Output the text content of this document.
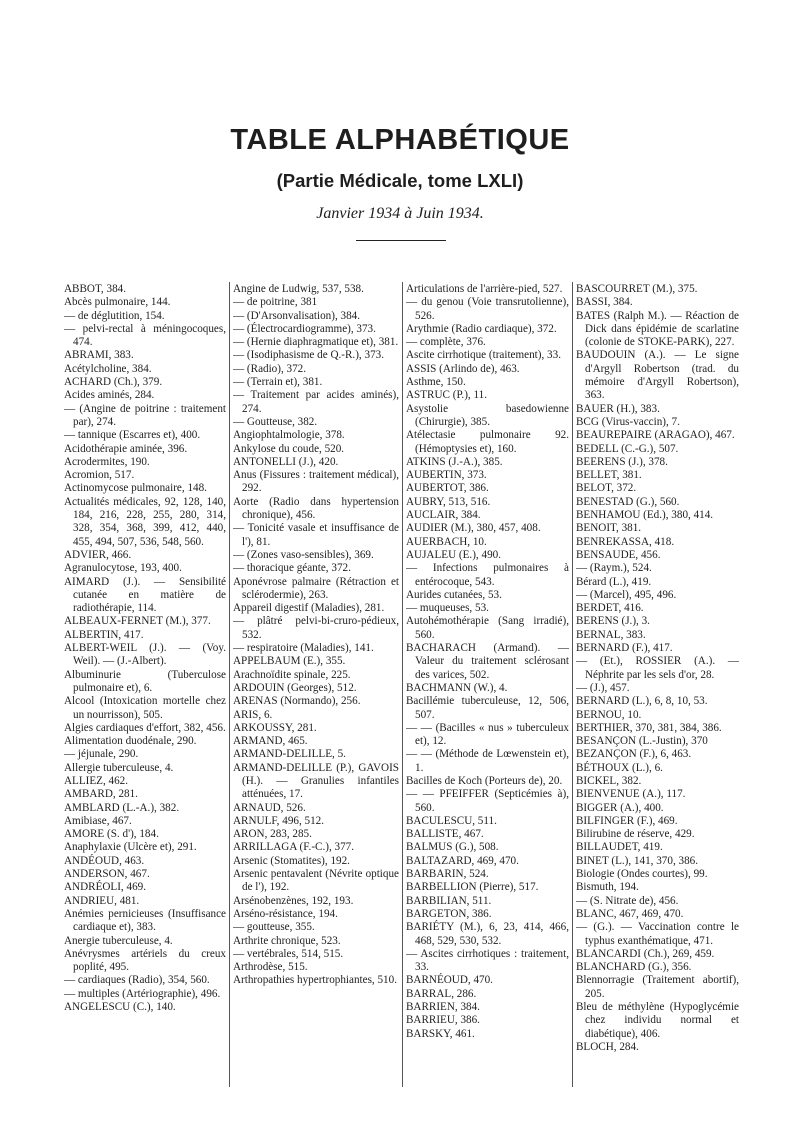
TABLE ALPHABÉTIQUE
(Partie Médicale, tome LXLI)

Janvier 1934 à Juin 1934.

ABBOT, 384.
Abcès pulmonaire, 144.
— de déglutition, 154.
— pelvi-rectal à méningocoques, 474.
ABRAMI, 383.
Acétylcholine, 384.
ACHARD (Ch.), 379.
Acides aminés, 284.
— (Angine de poitrine : traitement par), 274.
— tannique (Escarres et), 400.
Acidothérapie aminée, 396.
Acrodermites, 190.
Acromion, 517.
Actinomycose pulmonaire, 148.
Actualités médicales, 92, 128, 140, 184, 216, 228, 255, 280, 314, 328, 354, 368, 399, 412, 440, 455, 494, 507, 536, 548, 560.
ADVIER, 466.
Agranulocytose, 193, 400.
AIMARD (J.). — Sensibilité cutanée en matière de radiothérapie, 114.
ALBEAUX-FERNET (M.), 377.
ALBERTIN, 417.
ALBERT-WEIL (J.). — (Voy. Weil). — (J.-Albert).
Albuminurie (Tuberculose pulmonaire et), 6.
Alcool (Intoxication mortelle chez un nourrisson), 505.
Algies cardiaques d'effort, 382, 456.
Alimentation duodénale, 290.
— jéjunale, 290.
Allergie tuberculeuse, 4.
ALLIEZ, 462.
AMBARD, 281.
AMBLARD (L.-A.), 382.
Amibiase, 467.
AMORE (S. d'), 184.
Anaphylaxie (Ulcère et), 291.
ANDÉOUD, 463.
ANDERSON, 467.
ANDRÉOLI, 469.
ANDRIEU, 481.
Anémies pernicieuses (Insuffisance cardiaque et), 383.
Anergie tuberculeuse, 4.
Anévrysmes artériels du creux poplité, 495.
— cardiaques (Radio), 354, 560.
— multiples (Artériographie), 496.
ANGELESCU (C.), 140.
Angine de Ludwig, 537, 538.
— de poitrine, 381
— (D'Arsonvalisation), 384.
— (Électrocardiogramme), 373.
— (Hernie diaphragmatique et), 381.
— (Isodiphasisme de Q.-R.), 373.
— (Radio), 372.
— (Terrain et), 381.
— Traitement par acides aminés), 274.
— Goutteuse, 382.
Angiophtalmologie, 378.
Ankylose du coude, 520.
ANTONELLI (J.), 420.
Anus (Fissures : traitement médical), 292.
Aorte (Radio dans hypertension chronique), 456.
— Tonicité vasale et insuffisance de l'), 81.
— (Zones vaso-sensibles), 369.
— thoracique géante, 372.
Aponévrose palmaire (Rétraction et sclérodermie), 263.
Appareil digestif (Maladies), 281.
— plâtré pelvi-bi-cruro-pédieux, 532.
— respiratoire (Maladies), 141.
APPELBAUM (E.), 355.
Arachnoïdite spinale, 225.
ARDOUIN (Georges), 512.
ARENAS (Normando), 256.
ARIS, 6.
ARKOUSSY, 281.
ARMAND, 465.
ARMAND-DELILLE, 5.
ARMAND-DELILLE (P.), GAVOIS (H.). — Granulies infantiles atténuées, 17.
ARNAUD, 526.
ARNULF, 496, 512.
ARON, 283, 285.
ARRILLAGA (F.-C.), 377.
Arsenic (Stomatites), 192.
Arsenic pentavalent (Névrite optique de l'), 192.
Arsénobenzènes, 192, 193.
Arséno-résistance, 194.
— goutteuse, 355.
Arthrite chronique, 523.
— vertébrales, 514, 515.
Arthrodèse, 515.
Arthropathies hypertrophiantes, 510.
Articulations de l'arrière-pied, 527.
— du genou (Voie transrutolienne), 526.
Arythmie (Radio cardiaque), 372.
— complète, 376.
Ascite cirrhotique (traitement), 33.
ASSIS (Arlindo de), 463.
Asthme, 150.
ASTRUC (P.), 11.
Asystolie basedowienne (Chirurgie), 385.
Atélectasie pulmonaire 92. (Hémoptysies et), 160.
ATKINS (J.-A.), 385.
AUBERTIN, 373.
AUBERTOT, 386.
AUBRY, 513, 516.
AUCLAIR, 384.
AUDIER (M.), 380, 457, 408.
AUERBACH, 10.
AUJALEU (E.), 490.
— Infections pulmonaires à entérocoque, 543.
Aurides cutanées, 53.
— muqueuses, 53.
Autohémothérapie (Sang irradié), 560.
BACHARACH (Armand). — Valeur du traitement sclérosant des varices, 502.
BACHMANN (W.), 4.
Bacillémie tuberculeuse, 12, 506, 507.
— — (Bacilles « nus » tuberculeux et), 12.
— — (Méthode de Lœwenstein et), 1.
Bacilles de Koch (Porteurs de), 20.
— — PFEIFFER (Septicémies à), 560.
BACULESCU, 511.
BALLISTE, 467.
BALMUS (G.), 508.
BALTAZARD, 469, 470.
BARBARIN, 524.
BARBELLION (Pierre), 517.
BARBILIAN, 511.
BARGETON, 386.
BARIÉTY (M.), 6, 23, 414, 466, 468, 529, 530, 532.
— Ascites cirrhotiques : traitement, 33.
BARNÉOUD, 470.
BARRAL, 286.
BARRIEN, 384.
BARRIEU, 386.
BARSKY, 461.
BASCOURRET (M.), 375.
BASSI, 384.
BATES (Ralph M.). — Réaction de Dick dans épidémie de scarlatine (colonie de STOKE-PARK), 227.
BAUDOUIN (A.). — Le signe d'Argyll Robertson (trad. du mémoire d'Argyll Robertson), 363.
BAUER (H.), 383.
BCG (Virus-vaccin), 7.
BEAUREPAIRE (ARAGAO), 467.
BEDELL (C.-G.), 507.
BEERENS (J.), 378.
BELLET, 381.
BELOT, 372.
BENESTAD (G.), 560.
BENHAMOU (Ed.), 380, 414.
BENOIT, 381.
BENREKASSA, 418.
BENSAUDE, 456.
— (Raym.), 524.
Bérard (L.), 419.
— (Marcel), 495, 496.
BERDET, 416.
BERENS (J.), 3.
BERNAL, 383.
BERNARD (F.), 417.
— (Et.), ROSSIER (A.). — Néphrite par les sels d'or, 28.
— (J.), 457.
BERNARD (L.), 6, 8, 10, 53.
BERNOU, 10.
BERTHIER, 370, 381, 384, 386.
BESANÇON (L.-Justin), 370
BEZANÇON (F.), 6, 463.
BÉTHOUX (L.), 6.
BICKEL, 382.
BIENVENUE (A.), 117.
BIGGER (A.), 400.
BILFINGER (F.), 469.
Bilirubine de réserve, 429.
BILLAUDET, 419.
BINET (L.), 141, 370, 386.
Biologie (Ondes courtes), 99.
Bismuth, 194.
— (S. Nitrate de), 456.
BLANC, 467, 469, 470.
— (G.). — Vaccination contre le typhus exanthématique, 471.
BLANCARDI (Ch.), 269, 459.
BLANCHARD (G.), 356.
Blennorragie (Traitement abortif), 205.
Bleu de méthylène (Hypoglycémie chez individu normal et diabétique), 406.
BLOCH, 284.
